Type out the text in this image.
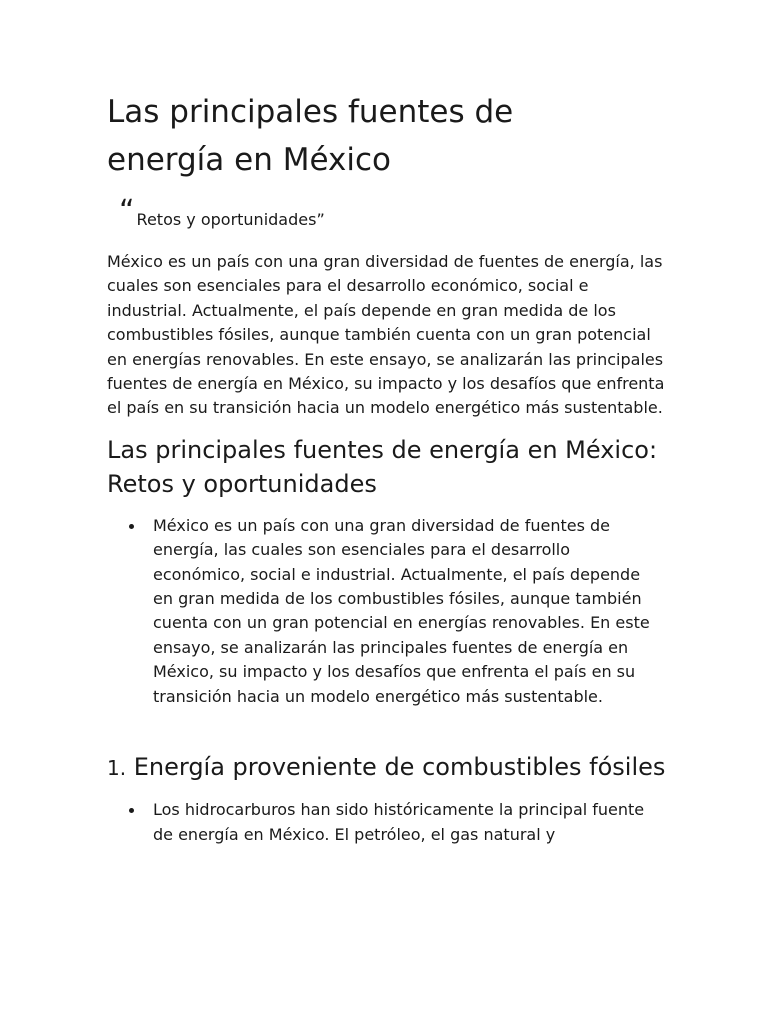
Las principales fuentes de energía en México
“ Retos y oportunidades”

México es un país con una gran diversidad de fuentes de energía, las cuales son esenciales para el desarrollo económico, social e industrial. Actualmente, el país depende en gran medida de los combustibles fósiles, aunque también cuenta con un gran potencial en energías renovables. En este ensayo, se analizarán las principales fuentes de energía en México, su impacto y los desafíos que enfrenta el país en su transición hacia un modelo energético más sustentable.

Las principales fuentes de energía en México: Retos y oportunidades
México es un país con una gran diversidad de fuentes de energía, las cuales son esenciales para el desarrollo económico, social e industrial. Actualmente, el país depende en gran medida de los combustibles fósiles, aunque también cuenta con un gran potencial en energías renovables. En este ensayo, se analizarán las principales fuentes de energía en México, su impacto y los desafíos que enfrenta el país en su transición hacia un modelo energético más sustentable.
1. Energía proveniente de combustibles fósiles
Los hidrocarburos han sido históricamente la principal fuente de energía en México. El petróleo, el gas natural y
